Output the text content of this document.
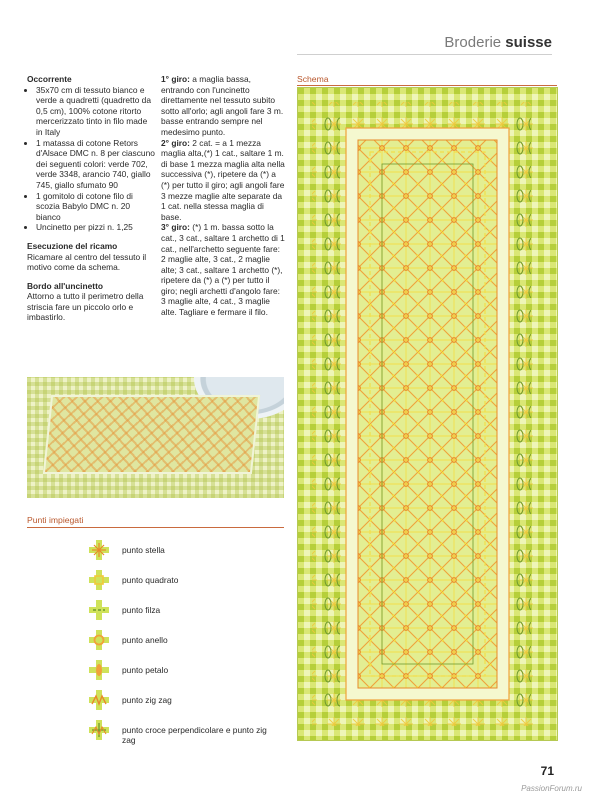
Broderie suisse

Occorrente

• 35x70 cm di tessuto bianco e verde a quadretti (quadretto da 0,5 cm), 100% cotone ritorto mercerizzato tinto in filo made in Italy
• 1 matassa di cotone Retors d'Alsace DMC n. 8 per ciascuno dei seguenti colori: verde 702, verde 3348, arancio 740, giallo 745, giallo sfumato 90
• 1 gomitolo di cotone filo di scozia Babylo DMC n. 20 bianco
• Uncinetto per pizzi n. 1,25

Esecuzione del ricamo

Ricamare al centro del tessuto il motivo come da schema.

Bordo all'uncinetto

Attorno a tutto il perimetro della striscia fare un piccolo orlo e imbastirlo.

1° giro: a maglia bassa, entrando con l'uncinetto direttamente nel tessuto subito sotto all'orlo; agli angoli fare 3 m. basse entrando sempre nel medesimo punto.

2° giro: 2 cat. = a 1 mezza maglia alta,(*) 1 cat., saltare 1 m. di base 1 mezza maglia alta nella successiva (*), ripetere da (*) a (*) per tutto il giro; agli angoli fare 3 mezze maglie alte separate da 1 cat. nella stessa maglia di base.

3° giro: (*) 1 m. bassa sotto la cat., 3 cat., saltare 1 archetto di 1 cat., nell'archetto seguente fare: 2 maglie alte, 3 cat., 2 maglie alte; 3 cat., saltare 1 archetto (*), ripetere da (*) a (*) per tutto il giro; negli archetti d'angolo fare: 3 maglie alte, 4 cat., 3 maglie alte. Tagliare e fermare il filo.

Punti impiegati
punto stella
punto quadrato
punto filza
punto anello
punto petalo
punto zig zag
punto croce perpendicolare e punto zig zag
Schema
71
PassionForum.ru
